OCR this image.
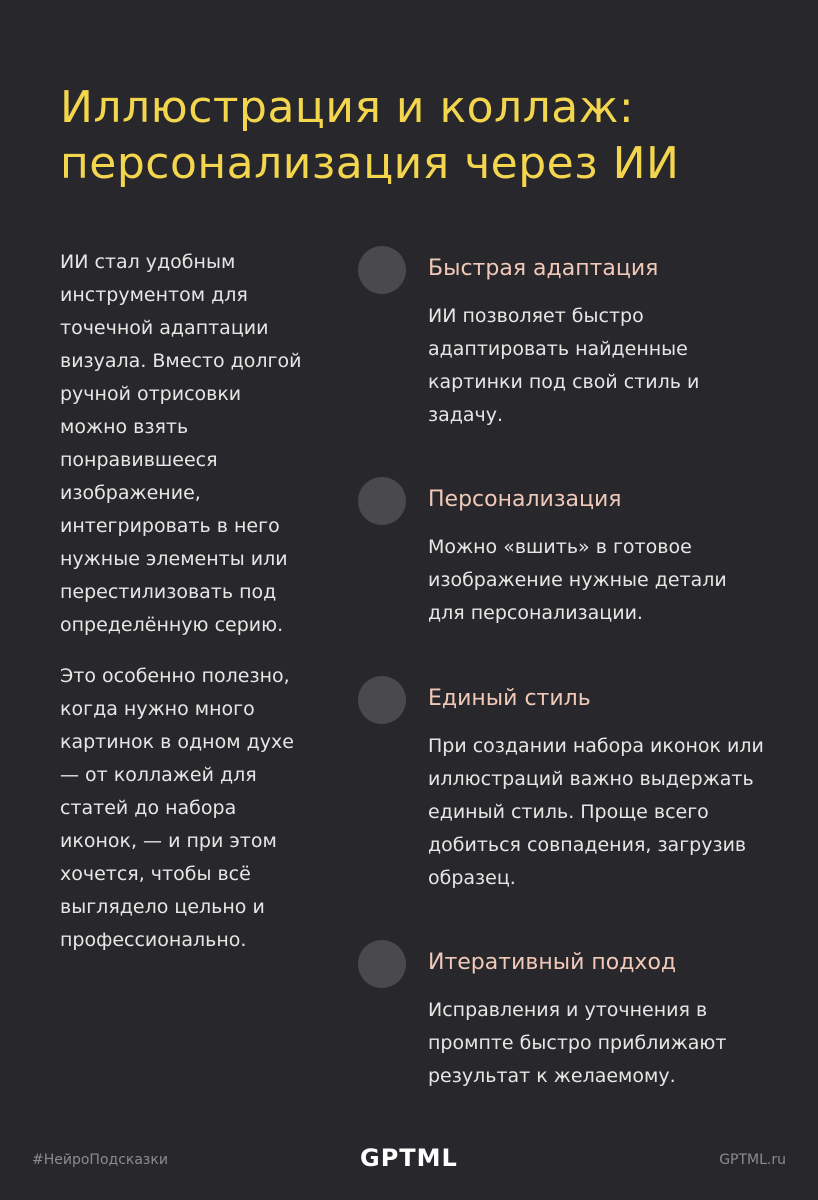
Иллюстрация и коллаж: персонализация через ИИ

ИИ стал удобным инструментом для точечной адаптации визуала. Вместо долгой ручной отрисовки можно взять понравившееся изображение, интегрировать в него нужные элементы или перестилизовать под определённую серию.

Это особенно полезно, когда нужно много картинок в одном духе — от коллажей для статей до набора иконок, — и при этом хочется, чтобы всё выглядело цельно и профессионально.

Быстрая адаптация
ИИ позволяет быстро адаптировать найденные картинки под свой стиль и задачу.
Персонализация
Можно «вшить» в готовое изображение нужные детали для персонализации.
Единый стиль
При создании набора иконок или иллюстраций важно выдержать единый стиль. Проще всего добиться совпадения, загрузив образец.
Итеративный подход
Исправления и уточнения в промпте быстро приближают результат к желаемому.
#НейроПодсказки	GPTML	GPTML.ru
